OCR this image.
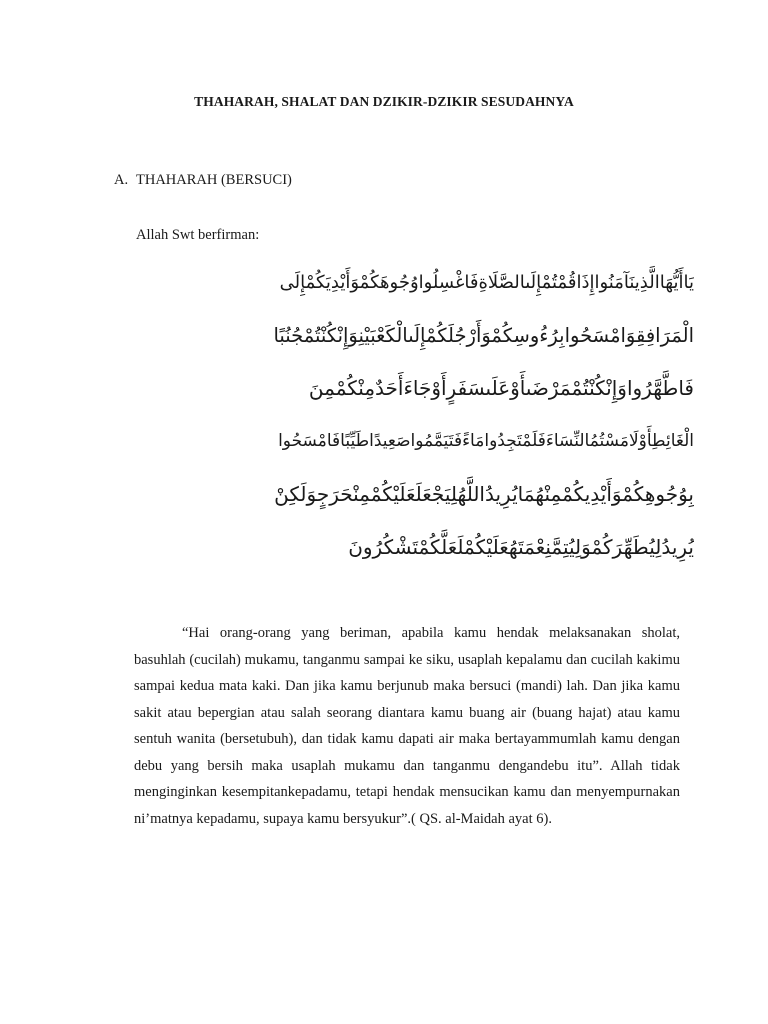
THAHARAH, SHALAT DAN DZIKIR-DZIKIR SESUDAHNYA
A. THAHARAH (BERSUCI)
Allah Swt berfirman:
يَاأَيُّهَاالَّذِينَآمَنُواإِذَاقُمْتُمْإِلَىالصَّلَاةِفَاغْسِلُواوُجُوهَكُمْوَأَيْدِيَكُمْإِلَى
الْمَرَافِقِوَامْسَحُوابِرُءُوسِكُمْوَأَرْجُلَكُمْإِلَىالْكَعْبَيْنِوَإِنْكُنْتُمْجُنُبًا
فَاطَّهَّرُواوَإِنْكُنْتُمْمَرْضَىأَوْعَلَىسَفَرٍأَوْجَاءَأَحَدٌمِنْكُمْمِنَ
الْغَائِطِأَوْلَامَسْتُمُالنِّسَاءَفَلَمْتَجِدُوامَاءًفَتَيَمَّمُواصَعِيدًاطَيِّبًافَامْسَحُوا
بِوُجُوهِكُمْوَأَيْدِيكُمْمِنْهُمَايُرِيدُاللَّهُلِيَجْعَلَعَلَيْكُمْمِنْحَرَجٍوَلَكِنْ
يُرِيدُلِيُطَهِّرَكُمْوَلِيُتِمَّنِعْمَتَهُعَلَيْكُمْلَعَلَّكُمْتَشْكُرُونَ
“Hai orang-orang yang beriman, apabila kamu hendak melaksanakan sholat, basuhlah (cucilah) mukamu, tanganmu sampai ke siku, usaplah kepalamu dan cucilah kakimu sampai kedua mata kaki. Dan jika kamu berjunub maka bersuci (mandi) lah. Dan jika kamu sakit atau bepergian atau salah seorang diantara kamu buang air (buang hajat) atau kamu sentuh wanita (bersetubuh), dan tidak kamu dapati air maka bertayammumlah kamu dengan debu yang bersih maka usaplah mukamu dan tanganmu dengandebu itu”. Allah tidak menginginkan kesempitankepadamu, tetapi hendak mensucikan kamu dan menyempurnakan ni’matnya kepadamu, supaya kamu bersyukur”.( QS. al-Maidah ayat 6).
